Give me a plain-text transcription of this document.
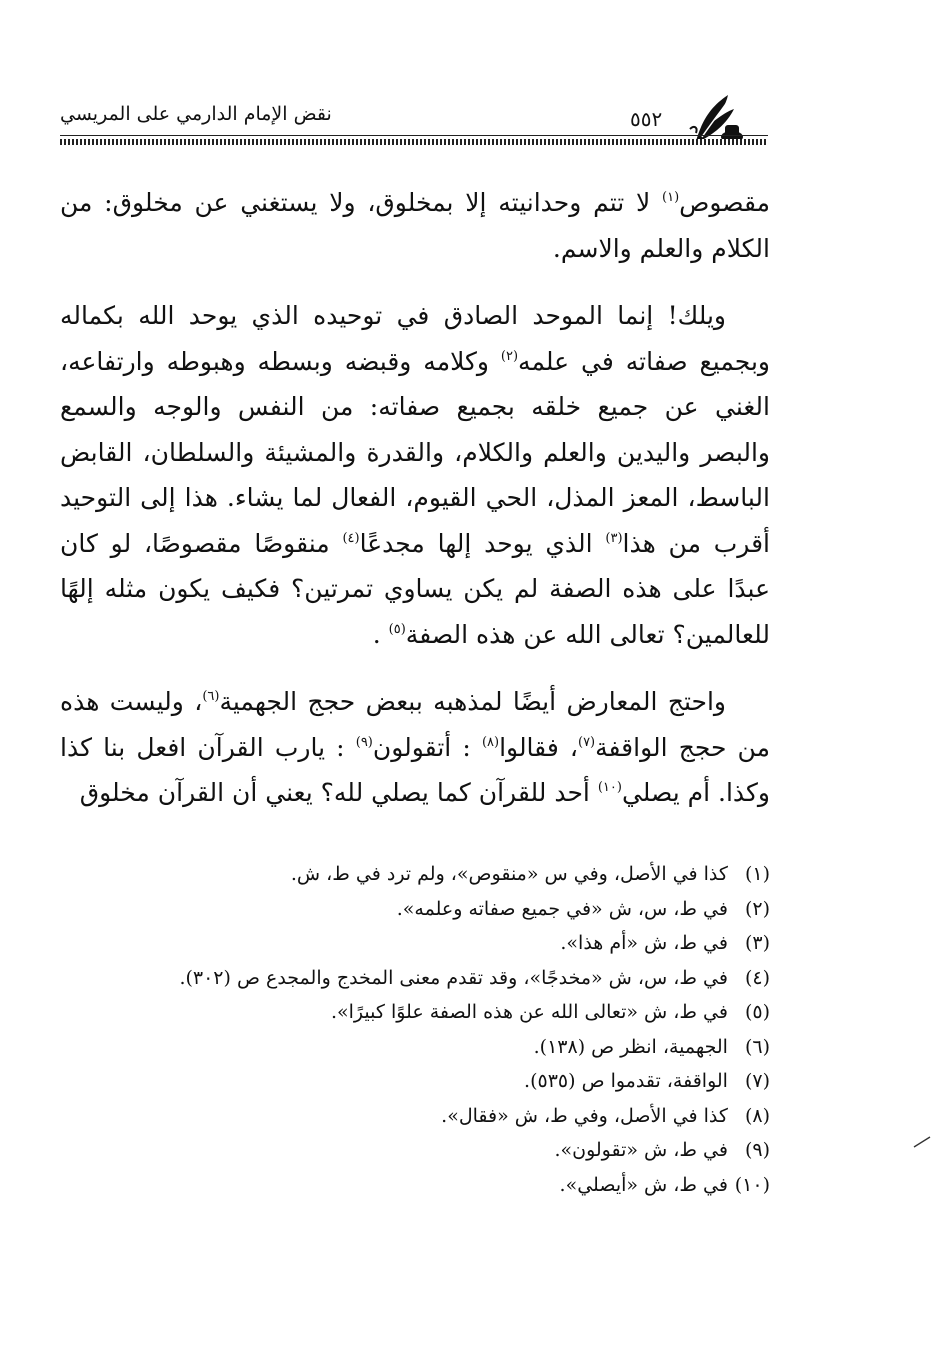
نقض الإمام الدارمي على المريسي	٥٥٢

مقصوص$^{(١)}$ لا تتم وحدانيته إلا بمخلوق، ولا يستغني عن مخلوق: من الكلام والعلم والاسم.

ويلك! إنما الموحد الصادق في توحيده الذي يوحد الله بكماله وبجميع صفاته في علمه$^{(٢)}$ وكلامه وقبضه وبسطه وهبوطه وارتفاعه، الغني عن جميع خلقه بجميع صفاته: من النفس والوجه والسمع والبصر واليدين والعلم والكلام، والقدرة والمشيئة والسلطان، القابض الباسط، المعز المذل، الحي القيوم، الفعال لما يشاء. هذا إلى التوحيد أقرب من هذا$^{(٣)}$ الذي يوحد إلها مجدعًا$^{(٤)}$ منقوصًا مقصوصًا، لو كان عبدًا على هذه الصفة لم يكن يساوي تمرتين؟ فكيف يكون مثله إلهًا للعالمين؟ تعالى الله عن هذه الصفة$^{(٥)}$ .

واحتج المعارض أيضًا لمذهبه ببعض حجج الجهمية$^{(٦)}$، وليست هذه من حجج الواقفة$^{(٧)}$، فقالوا$^{(٨)}$ : أتقولون$^{(٩)}$ : يارب القرآن افعل بنا كذا وكذا. أم يصلي$^{(١٠)}$ أحد للقرآن كما يصلي لله؟ يعني أن القرآن مخلوق

(١) كذا في الأصل، وفي س «منقوص»، ولم ترد في ط، ش.
(٢) في ط، س، ش «في جميع صفاته وعلمه».
(٣) في ط، ش «أم هذا».
(٤) في ط، س، ش «مخدجًا»، وقد تقدم معنى المخدج والمجدع ص (٣٠٢).
(٥) في ط، ش «تعالى الله عن هذه الصفة علوًا كبيرًا».
(٦) الجهمية، انظر ص (١٣٨).
(٧) الواقفة، تقدموا ص (٥٣٥).
(٨) كذا في الأصل، وفي ط، ش «فقال».
(٩) في ط، ش «تقولون».
(١٠) في ط، ش «أيصلي».
